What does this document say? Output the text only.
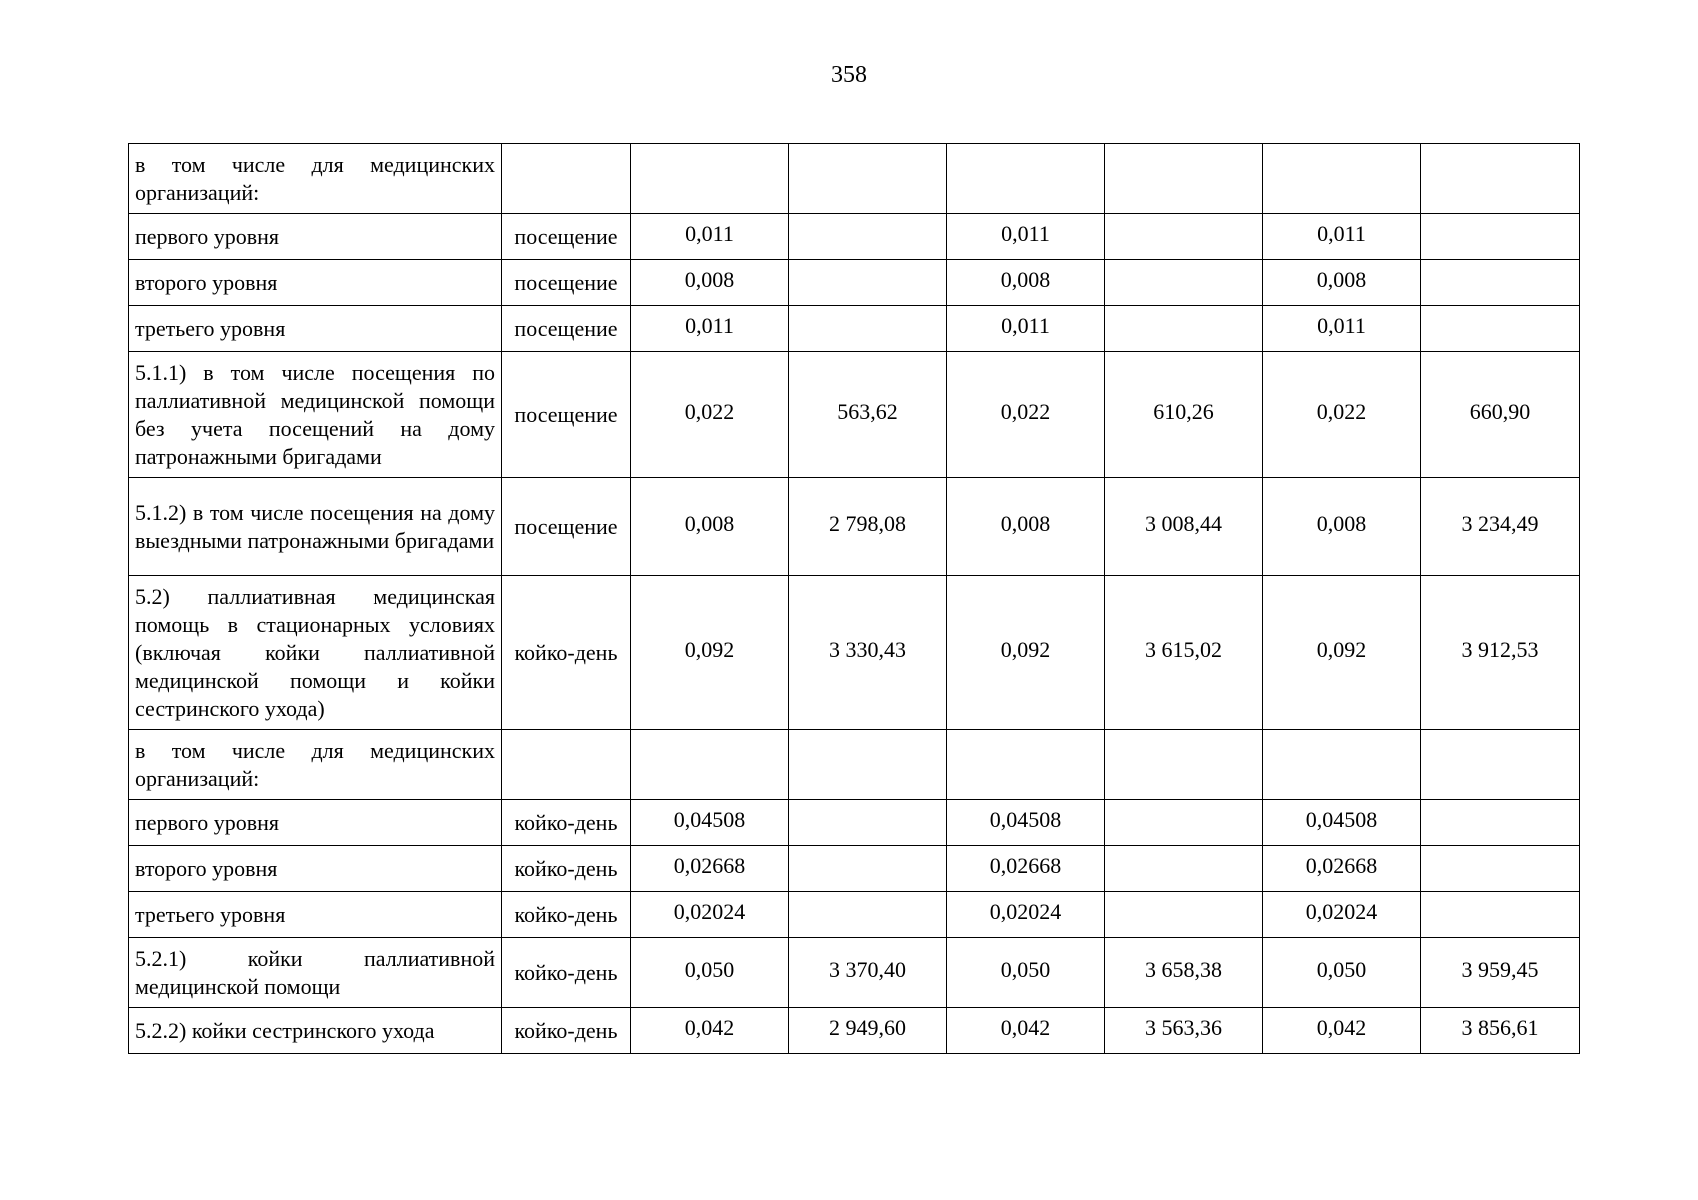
358
в том числе для медицинских организаций:							
первого уровня	посещение	0,011		0,011		0,011	
второго уровня	посещение	0,008		0,008		0,008	
третьего уровня	посещение	0,011		0,011		0,011	
5.1.1) в том числе посещения по паллиативной медицинской помощи без учета посещений на дому патронажными бригадами	посещение	0,022	563,62	0,022	610,26	0,022	660,90
5.1.2) в том числе посещения на дому выездными патронажными бригадами	посещение	0,008	2 798,08	0,008	3 008,44	0,008	3 234,49
5.2) паллиативная медицинская помощь в стационарных условиях (включая койки паллиативной медицинской помощи и койки сестринского ухода)	койко-день	0,092	3 330,43	0,092	3 615,02	0,092	3 912,53
в том числе для медицинских организаций:							
первого уровня	койко-день	0,04508		0,04508		0,04508	
второго уровня	койко-день	0,02668		0,02668		0,02668	
третьего уровня	койко-день	0,02024		0,02024		0,02024	
5.2.1) койки паллиативной медицинской помощи	койко-день	0,050	3 370,40	0,050	3 658,38	0,050	3 959,45
5.2.2) койки сестринского ухода	койко-день	0,042	2 949,60	0,042	3 563,36	0,042	3 856,61
